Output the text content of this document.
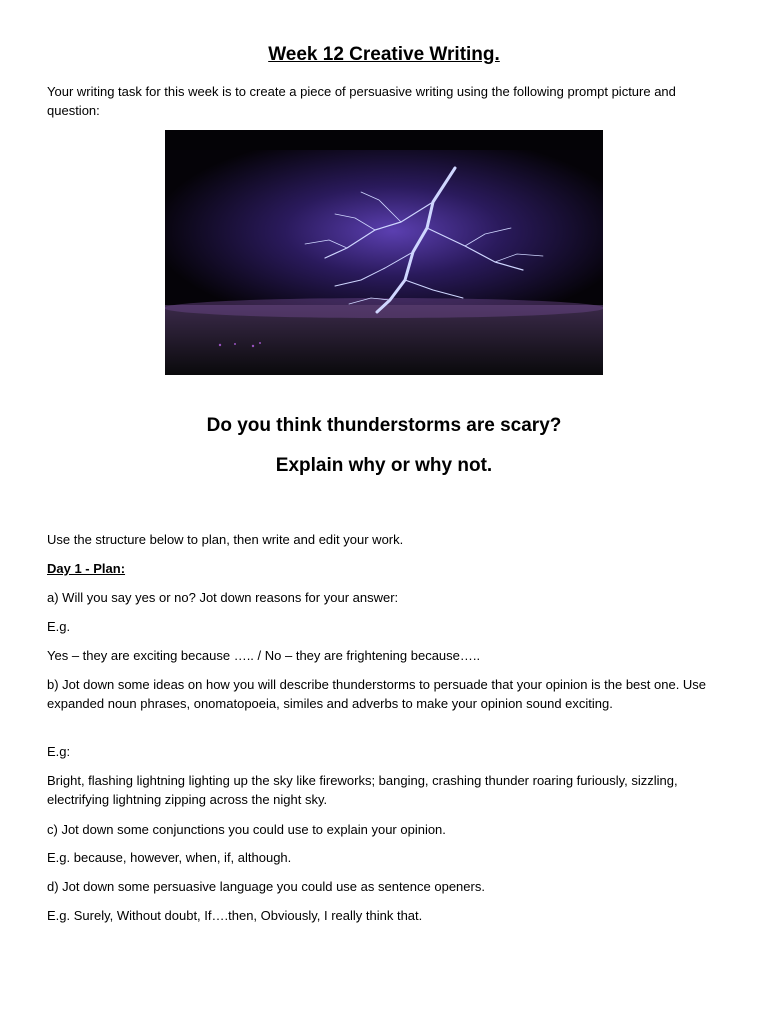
Week 12 Creative Writing.
Your writing task for this week is to create a piece of persuasive writing using the following prompt picture and question:
Do you think thunderstorms are scary?
Explain why or why not.
Use the structure below to plan, then write and edit your work.
Day 1 - Plan:
a) Will you say yes or no? Jot down reasons for your answer:
E.g.
Yes – they are exciting because ….. / No – they are frightening because…..
b) Jot down some ideas on how you will describe thunderstorms to persuade that your opinion is the best one. Use expanded noun phrases, onomatopoeia, similes and adverbs to make your opinion sound exciting.
E.g:
Bright, flashing lightning lighting up the sky like fireworks; banging, crashing thunder roaring furiously, sizzling, electrifying lightning zipping across the night sky.
c) Jot down some conjunctions you could use to explain your opinion.
E.g. because, however, when, if, although.
d) Jot down some persuasive language you could use as sentence openers.
E.g. Surely, Without doubt, If….then, Obviously, I really think that.
